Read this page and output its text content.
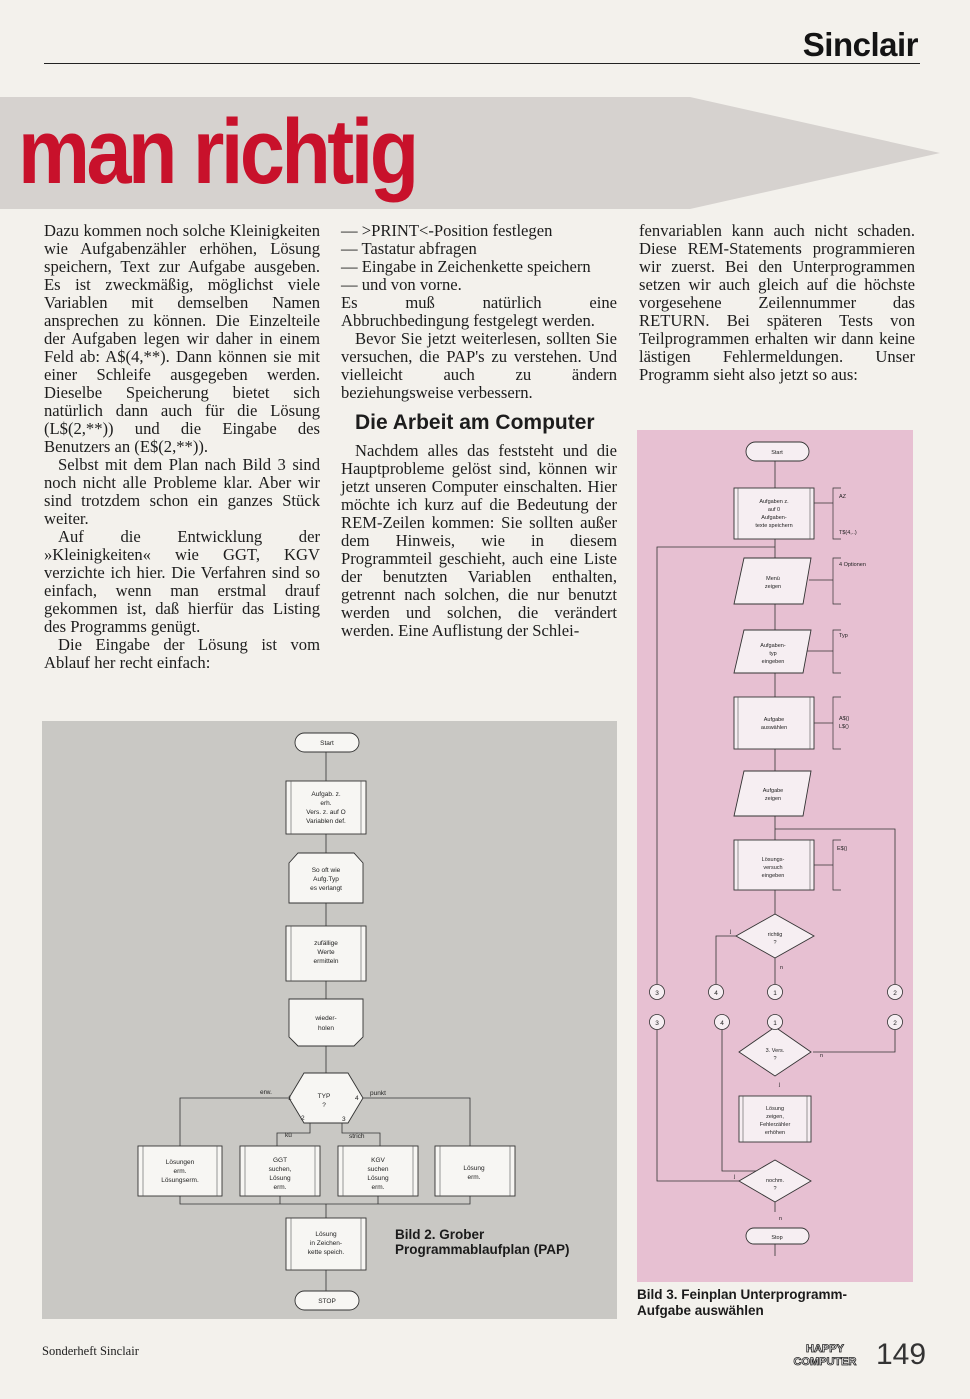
Sinclair
man richtig

Dazu kommen noch solche Kleinigkeiten wie Aufgabenzähler erhöhen, Lösung speichern, Text zur Aufgabe ausgeben. Es ist zweckmäßig, möglichst viele Variablen mit demselben Namen ansprechen zu können. Die Einzelteile der Aufgaben legen wir daher in einem Feld ab: A$(4,**). Dann können sie mit einer Schleife ausgegeben werden. Dieselbe Speicherung bietet sich natürlich dann auch für die Lösung (L$(2,**)) und die Eingabe des Benutzers an (E$(2,**)).

Selbst mit dem Plan nach Bild 3 sind noch nicht alle Probleme klar. Aber wir sind trotzdem schon ein ganzes Stück weiter.

Auf die Entwicklung der »Kleinigkeiten« wie GGT, KGV verzichte ich hier. Die Verfahren sind so einfach, wenn man erstmal drauf gekommen ist, daß hierfür das Listing des Programms genügt.

Die Eingabe der Lösung ist vom Ablauf her recht einfach:

— >PRINT<-Position festlegen

— Tastatur abfragen

— Eingabe in Zeichenkette speichern

— und von vorne.

Es muß natürlich eine Abbruchbedingung festgelegt werden.

Bevor Sie jetzt weiterlesen, sollten Sie versuchen, die PAP's zu verstehen. Und vielleicht auch zu ändern beziehungsweise verbessern.

Die Arbeit am Computer

Nachdem alles das feststeht und die Hauptprobleme gelöst sind, können wir jetzt unseren Computer einschalten. Hier möchte ich kurz auf die Bedeutung der REM-Zeilen kommen: Sie sollten außer dem Hinweis, wie in diesem Programmteil geschieht, auch eine Liste der benutzten Variablen enthalten, getrennt nach solchen, die nur benutzt werden und solchen, die verändert werden. Eine Auflistung der Schlei-

fenvariablen kann auch nicht schaden. Diese REM-Statements programmieren wir zuerst. Bei den Unterprogrammen setzen wir auch gleich auf die höchste vorgesehene Zeilennummer das RETURN. Bei späteren Tests von Teilprogrammen erhalten wir dann keine lästigen Fehlermeldungen. Unser Programm sieht also jetzt so aus:

Start
Aufgab. z.
erh.
Vers. z. auf O
Variablen def.
So oft wie
Aufg.Typ
es verlangt
zufällige
Werte
ermitteln
wieder-
holen
TYP
?
Lösungen
erm.
Lösungserm.
GGT
suchen,
Lösung
erm.
KGV
suchen
Lösung
erm.
Lösung
erm.
Lösung
in Zeichen-
kette speich.
STOP
erw.	punkt
kü	strich
1
2	3
4
Bild 2. Grober
Programmablaufplan (PAP)
3	4	1	2
3	4	1	2
Start
Aufgaben z.
auf 0
Aufgaben-
texte speichern
Menü
zeigen
Aufgaben-
typ
eingeben
Aufgabe
auswählen
Aufgabe
zeigen
Lösungs-
versuch
eingeben
richtig
?
3. Vers.
?
Lösung
zeigen,
Fehlerzähler
erhöhen
nochm.
?
Stop
AZ
T$(4,..)
4 Optionen
Typ
A$()
L$()
E$()
j
n
n
j
j
n
Bild 3. Feinplan Unterprogramm-
Aufgabe auswählen
Sonderheft Sinclair	HAPPY
COMPUTER 149
